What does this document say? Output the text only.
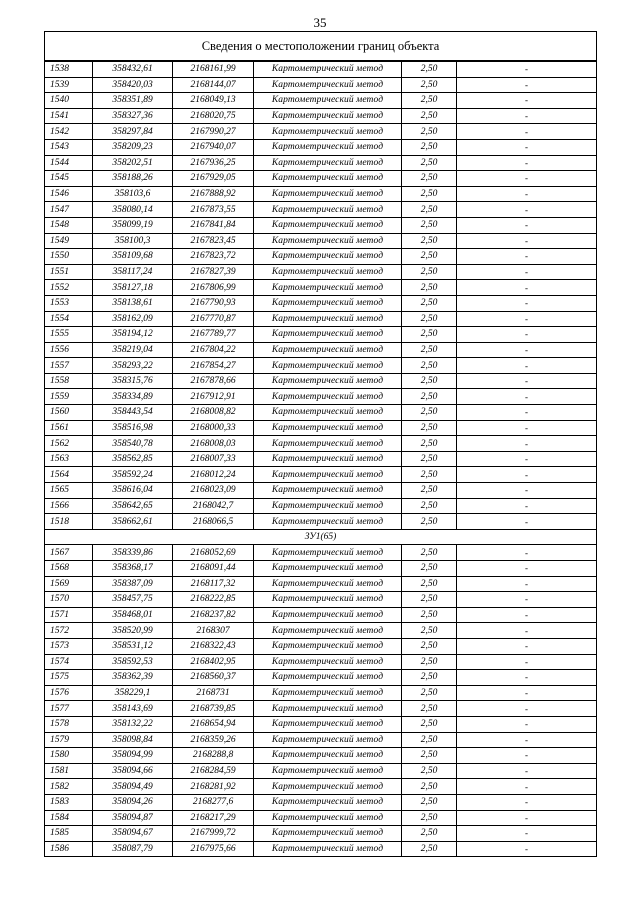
35
Сведения о местоположении границ объекта					
1538	358432,61	2168161,99	Картометрический метод	2,50	-
1539	358420,03	2168144,07	Картометрический метод	2,50	-
1540	358351,89	2168049,13	Картометрический метод	2,50	-
1541	358327,36	2168020,75	Картометрический метод	2,50	-
1542	358297,84	2167990,27	Картометрический метод	2,50	-
1543	358209,23	2167940,07	Картометрический метод	2,50	-
1544	358202,51	2167936,25	Картометрический метод	2,50	-
1545	358188,26	2167929,05	Картометрический метод	2,50	-
1546	358103,6	2167888,92	Картометрический метод	2,50	-
1547	358080,14	2167873,55	Картометрический метод	2,50	-
1548	358099,19	2167841,84	Картометрический метод	2,50	-
1549	358100,3	2167823,45	Картометрический метод	2,50	-
1550	358109,68	2167823,72	Картометрический метод	2,50	-
1551	358117,24	2167827,39	Картометрический метод	2,50	-
1552	358127,18	2167806,99	Картометрический метод	2,50	-
1553	358138,61	2167790,93	Картометрический метод	2,50	-
1554	358162,09	2167770,87	Картометрический метод	2,50	-
1555	358194,12	2167789,77	Картометрический метод	2,50	-
1556	358219,04	2167804,22	Картометрический метод	2,50	-
1557	358293,22	2167854,27	Картометрический метод	2,50	-
1558	358315,76	2167878,66	Картометрический метод	2,50	-
1559	358334,89	2167912,91	Картометрический метод	2,50	-
1560	358443,54	2168008,82	Картометрический метод	2,50	-
1561	358516,98	2168000,33	Картометрический метод	2,50	-
1562	358540,78	2168008,03	Картометрический метод	2,50	-
1563	358562,85	2168007,33	Картометрический метод	2,50	-
1564	358592,24	2168012,24	Картометрический метод	2,50	-
1565	358616,04	2168023,09	Картометрический метод	2,50	-
1566	358642,65	2168042,7	Картометрический метод	2,50	-
1518	358662,61	2168066,5	Картометрический метод	2,50	-
ЗУ1(65)					
1567	358339,86	2168052,69	Картометрический метод	2,50	-
1568	358368,17	2168091,44	Картометрический метод	2,50	-
1569	358387,09	2168117,32	Картометрический метод	2,50	-
1570	358457,75	2168222,85	Картометрический метод	2,50	-
1571	358468,01	2168237,82	Картометрический метод	2,50	-
1572	358520,99	2168307	Картометрический метод	2,50	-
1573	358531,12	2168322,43	Картометрический метод	2,50	-
1574	358592,53	2168402,95	Картометрический метод	2,50	-
1575	358362,39	2168560,37	Картометрический метод	2,50	-
1576	358229,1	2168731	Картометрический метод	2,50	-
1577	358143,69	2168739,85	Картометрический метод	2,50	-
1578	358132,22	2168654,94	Картометрический метод	2,50	-
1579	358098,84	2168359,26	Картометрический метод	2,50	-
1580	358094,99	2168288,8	Картометрический метод	2,50	-
1581	358094,66	2168284,59	Картометрический метод	2,50	-
1582	358094,49	2168281,92	Картометрический метод	2,50	-
1583	358094,26	2168277,6	Картометрический метод	2,50	-
1584	358094,87	2168217,29	Картометрический метод	2,50	-
1585	358094,67	2167999,72	Картометрический метод	2,50	-
1586	358087,79	2167975,66	Картометрический метод	2,50	-
